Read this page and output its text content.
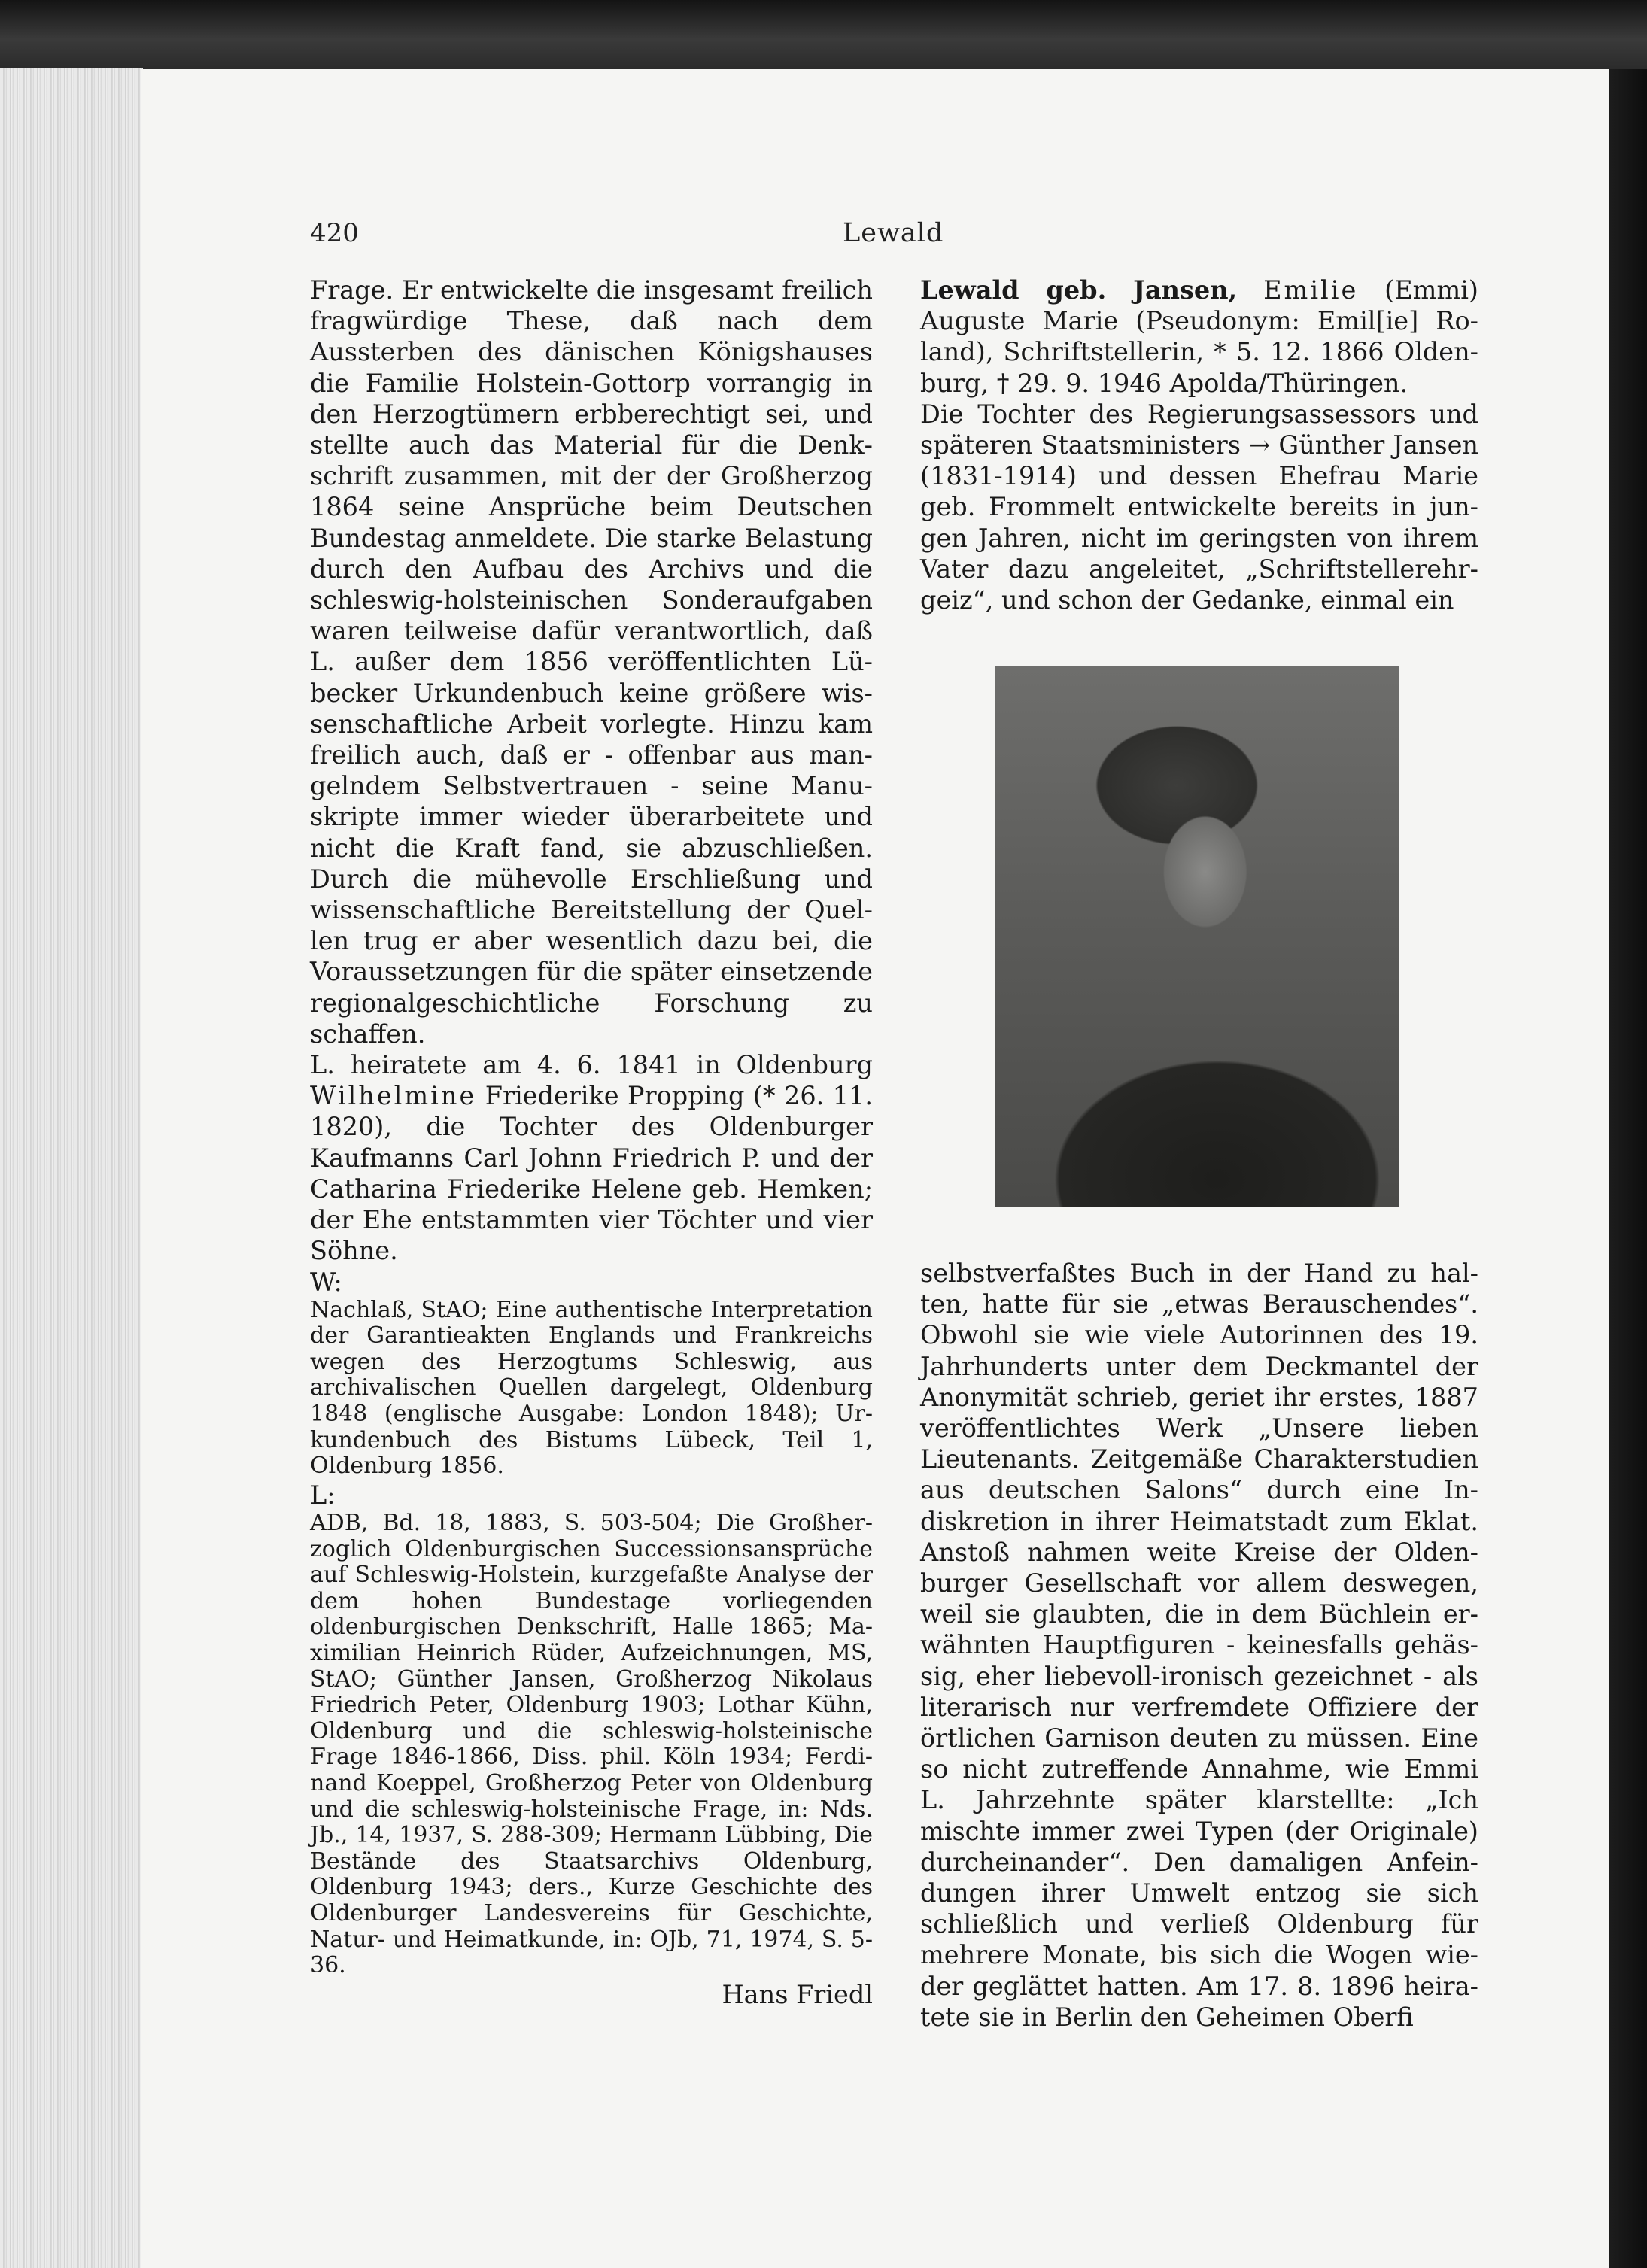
420	Lewald

Frage. Er entwickelte die insgesamt freilich fragwürdige These, daß nach dem Aussterben des dänischen Königshauses die Familie Holstein-Gottorp vorrangig in den Herzogtümern erbberechtigt sei, und stellte auch das Material für die Denkschrift zusammen, mit der der Großherzog 1864 seine Ansprüche beim Deutschen Bundestag anmeldete. Die starke Belastung durch den Aufbau des Archivs und die schleswig-holsteinischen Sonderaufgaben waren teilweise dafür verantwortlich, daß L. außer dem 1856 veröffentlichten Lübecker Urkundenbuch keine größere wissenschaftliche Arbeit vorlegte. Hinzu kam freilich auch, daß er - offenbar aus mangelndem Selbstvertrauen - seine Manuskripte immer wieder überarbeitete und nicht die Kraft fand, sie abzuschließen. Durch die mühevolle Erschließung und wissenschaftliche Bereitstellung der Quellen trug er aber wesentlich dazu bei, die Voraussetzungen für die später einsetzende regionalgeschichtliche Forschung zu schaffen.

L. heiratete am 4. 6. 1841 in Oldenburg Wilhelmine Friederike Propping (* 26. 11. 1820), die Tochter des Oldenburger Kaufmanns Carl Johnn Friedrich P. und der Catharina Friederike Helene geb. Hemken; der Ehe entstammten vier Töchter und vier Söhne.

W:

Nachlaß, StAO; Eine authentische Interpretation der Garantieakten Englands und Frankreichs wegen des Herzogtums Schleswig, aus archivalischen Quellen dargelegt, Oldenburg 1848 (englische Ausgabe: London 1848); Urkundenbuch des Bistums Lübeck, Teil 1, Oldenburg 1856.

L:

ADB, Bd. 18, 1883, S. 503-504; Die Großherzoglich Oldenburgischen Successionsansprüche auf Schleswig-Holstein, kurzgefaßte Analyse der dem hohen Bundestage vorliegenden oldenburgischen Denkschrift, Halle 1865; Maximilian Heinrich Rüder, Aufzeichnungen, MS, StAO; Günther Jansen, Großherzog Nikolaus Friedrich Peter, Oldenburg 1903; Lothar Kühn, Oldenburg und die schleswig-holsteinische Frage 1846-1866, Diss. phil. Köln 1934; Ferdinand Koeppel, Großherzog Peter von Oldenburg und die schleswig-holsteinische Frage, in: Nds. Jb., 14, 1937, S. 288-309; Hermann Lübbing, Die Bestände des Staatsarchivs Oldenburg, Oldenburg 1943; ders., Kurze Geschichte des Oldenburger Landesvereins für Geschichte, Natur- und Heimatkunde, in: OJb, 71, 1974, S. 5-36.

Hans Friedl

Lewald geb. Jansen, Emilie (Emmi) Auguste Marie (Pseudonym: Emil[ie] Roland), Schriftstellerin, * 5. 12. 1866 Oldenburg, † 29. 9. 1946 Apolda/Thüringen.

Die Tochter des Regierungsassessors und späteren Staatsministers → Günther Jansen (1831-1914) und dessen Ehefrau Marie geb. Frommelt entwickelte bereits in jungen Jahren, nicht im geringsten von ihrem Vater dazu angeleitet, „Schriftstellerehrgeiz“, und schon der Gedanke, einmal ein

selbstverfaßtes Buch in der Hand zu halten, hatte für sie „etwas Berauschendes“. Obwohl sie wie viele Autorinnen des 19. Jahrhunderts unter dem Deckmantel der Anonymität schrieb, geriet ihr erstes, 1887 veröffentlichtes Werk „Unsere lieben Lieutenants. Zeitgemäße Charakterstudien aus deutschen Salons“ durch eine Indiskretion in ihrer Heimatstadt zum Eklat. Anstoß nahmen weite Kreise der Oldenburger Gesellschaft vor allem deswegen, weil sie glaubten, die in dem Büchlein erwähnten Hauptfiguren - keinesfalls gehässig, eher liebevoll-ironisch gezeichnet - als literarisch nur verfremdete Offiziere der örtlichen Garnison deuten zu müssen. Eine so nicht zutreffende Annahme, wie Emmi L. Jahrzehnte später klarstellte: „Ich mischte immer zwei Typen (der Originale) durcheinander“. Den damaligen Anfeindungen ihrer Umwelt entzog sie sich schließlich und verließ Oldenburg für mehrere Monate, bis sich die Wogen wieder geglättet hatten. Am 17. 8. 1896 heiratete sie in Berlin den Geheimen Oberfi
